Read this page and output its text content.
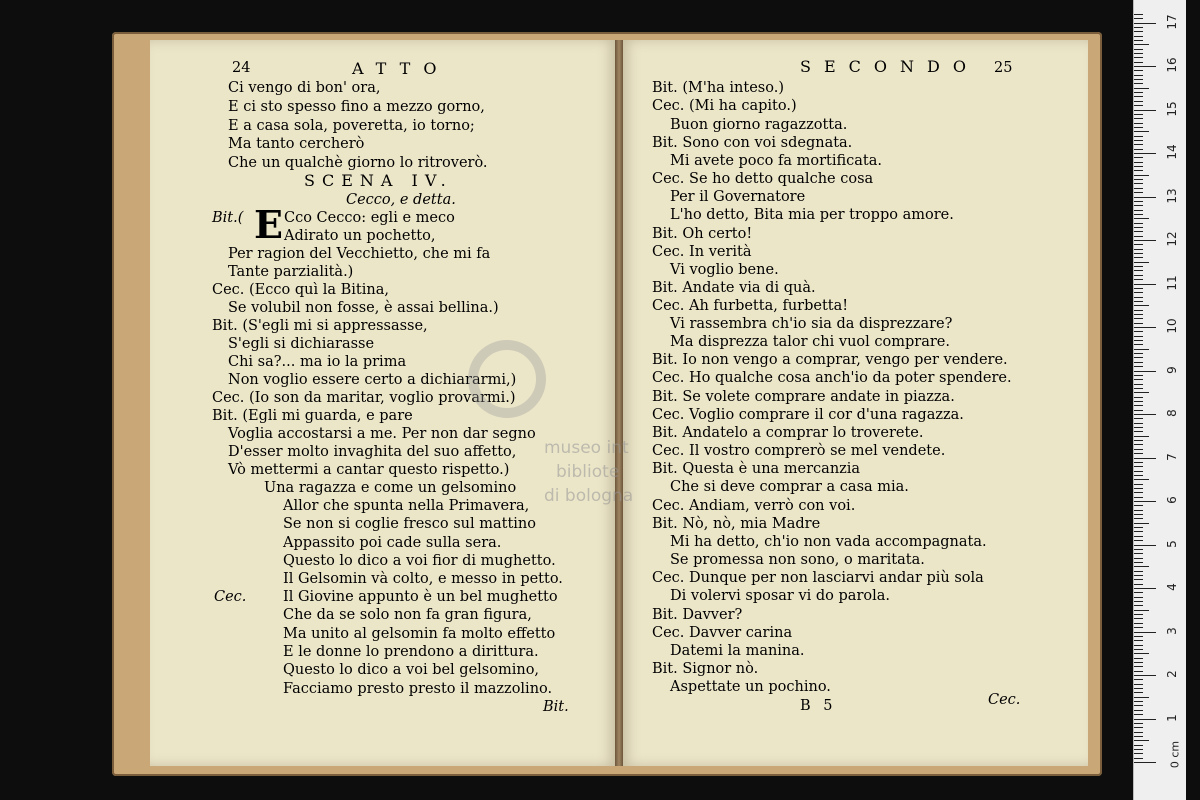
24	ATTO
Ci vengo di bon' ora,
E ci sto spesso fino a mezzo gorno,
E a casa sola, poveretta, io torno;
Ma tanto cercherò
Che un qualchè giorno lo ritroverò.
SCENA IV.
Cecco, e detta.
Bit.( E Cco Cecco: egli e meco
Adirato un pochetto,
Per ragion del Vecchietto, che mi fa
Tante parzialità.)
Cec. (Ecco quì la Bitina,
Se volubil non fosse, è assai bellina.)
Bit. (S'egli mi si appressasse,
S'egli si dichiarasse
Chi sa?... ma io la prima
Non voglio essere certo a dichiararmi,)
Cec. (Io son da maritar, voglio provarmi.)
Bit. (Egli mi guarda, e pare
Voglia accostarsi a me. Per non dar segno
D'esser molto invaghita del suo affetto,
Vò mettermi a cantar questo rispetto.)
Una ragazza e come un gelsomino
Allor che spunta nella Primavera,
Se non si coglie fresco sul mattino
Appassito poi cade sulla sera.
Questo lo dico a voi fior di mughetto.
Il Gelsomin và colto, e messo in petto.
Cec.	Il Giovine appunto è un bel mughetto
Che da se solo non fa gran figura,
Ma unito al gelsomin fa molto effetto
E le donne lo prendono a dirittura.
Questo lo dico a voi bel gelsomino,
Facciamo presto presto il mazzolino.
Bit.
SECONDO 25
Bit. (M'ha inteso.)
Cec. (Mi ha capito.)
Buon giorno ragazzotta.
Bit. Sono con voi sdegnata.
Mi avete poco fa mortificata.
Cec. Se ho detto qualche cosa
Per il Governatore
L'ho detto, Bita mia per troppo amore.
Bit. Oh certo!
Cec. In verità
Vi voglio bene.
Bit. Andate via di quà.
Cec. Ah furbetta, furbetta!
Vi rassembra ch'io sia da disprezzare?
Ma disprezza talor chi vuol comprare.
Bit. Io non vengo a comprar, vengo per vendere.
Cec. Ho qualche cosa anch'io da poter spendere.
Bit. Se volete comprare andate in piazza.
Cec. Voglio comprare il cor d'una ragazza.
Bit. Andatelo a comprar lo troverete.
Cec. Il vostro comprerò se mel vendete.
Bit. Questa è una mercanzia
Che si deve comprar a casa mia.
Cec. Andiam, verrò con voi.
Bit. Nò, nò, mia Madre
Mi ha detto, ch'io non vada accompagnata.
Se promessa non sono, o maritata.
Cec. Dunque per non lasciarvi andar più sola
Di volervi sposar vi do parola.
Bit. Davver?
Cec. Davver carina
Datemi la manina.
Bit. Signor nò.
Aspettate un pochino.
B 5	Cec.
museo int
bibliote
di bologna
0 cm
1
2
3
4
5
6
7
8
9
10
11
12
13
14
15
16
17
